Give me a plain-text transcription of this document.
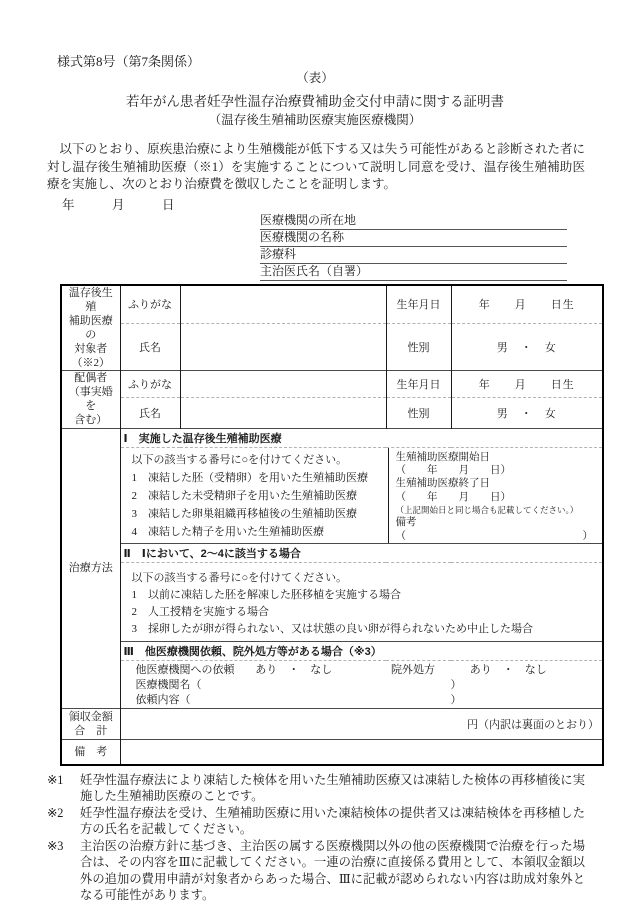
様式第8号（第7条関係）
（表）
若年がん患者妊孕性温存治療費補助金交付申請に関する証明書
（温存後生殖補助医療実施医療機関）

　以下のとおり、原疾患治療により生殖機能が低下する又は失う可能性があると診断された者に対し温存後生殖補助医療（※1）を実施することについて説明し同意を受け、温存後生殖補助医療を実施し、次のとおり治療費を徴収したことを証明します。

年　　　月　　　日
医療機関の所在地
医療機関の名称
診療科
主治医氏名（自署）
温存後生殖
補助医療の
対象者
（※2）	ふりがな		生年月日	年　　月　　日生
	氏名		性別	男　・　女

配偶者
（事実婚を
含む）	ふりがな		生年月日	年　　月　　日生
	氏名		性別	男　・　女

治療方法	Ⅰ　実施した温存後生殖補助医療			

以下の該当する番号に○を付けてください。
1　凍結した胚（受精卵）を用いた生殖補助医療
2　凍結した未受精卵子を用いた生殖補助医療
3　凍結した卵巣組織再移植後の生殖補助医療
4　凍結した精子を用いた生殖補助医療
生殖補助医療開始日
（　　年　　月　　日）
生殖補助医療終了日
（　　年　　月　　日）
（上記開始日と同じ場合も記載してください。）
備考
（	）

	Ⅱ　Ⅰにおいて、2～4に該当する場合			

	以下の該当する番号に○を付けてください。
1　以前に凍結した胚を解凍した胚移植を実施する場合
2　人工授精を実施する場合
3　採卵したが卵が得られない、又は状態の良い卵が得られないため中止した場合			

	Ⅲ　他医療機関依頼、院外処方等がある場合（※3）			

	他医療機関への依頼 あり　・　なし 院外処方 あり　・　なし
医療機関名（ ）
依頼内容（ ）			

領収金額
合　計	円（内訳は裏面のとおり）			
備　考				
※1	妊孕性温存療法により凍結した検体を用いた生殖補助医療又は凍結した検体の再移植後に実施した生殖補助医療のことです。
※2	妊孕性温存療法を受け、生殖補助医療に用いた凍結検体の提供者又は凍結検体を再移植した方の氏名を記載してください。
※3	主治医の治療方針に基づき、主治医の属する医療機関以外の他の医療機関で治療を行った場合は、その内容をⅢに記載してください。一連の治療に直接係る費用として、本領収金額以外の追加の費用申請が対象者からあった場合、Ⅲに記載が認められない内容は助成対象外となる可能性があります。
